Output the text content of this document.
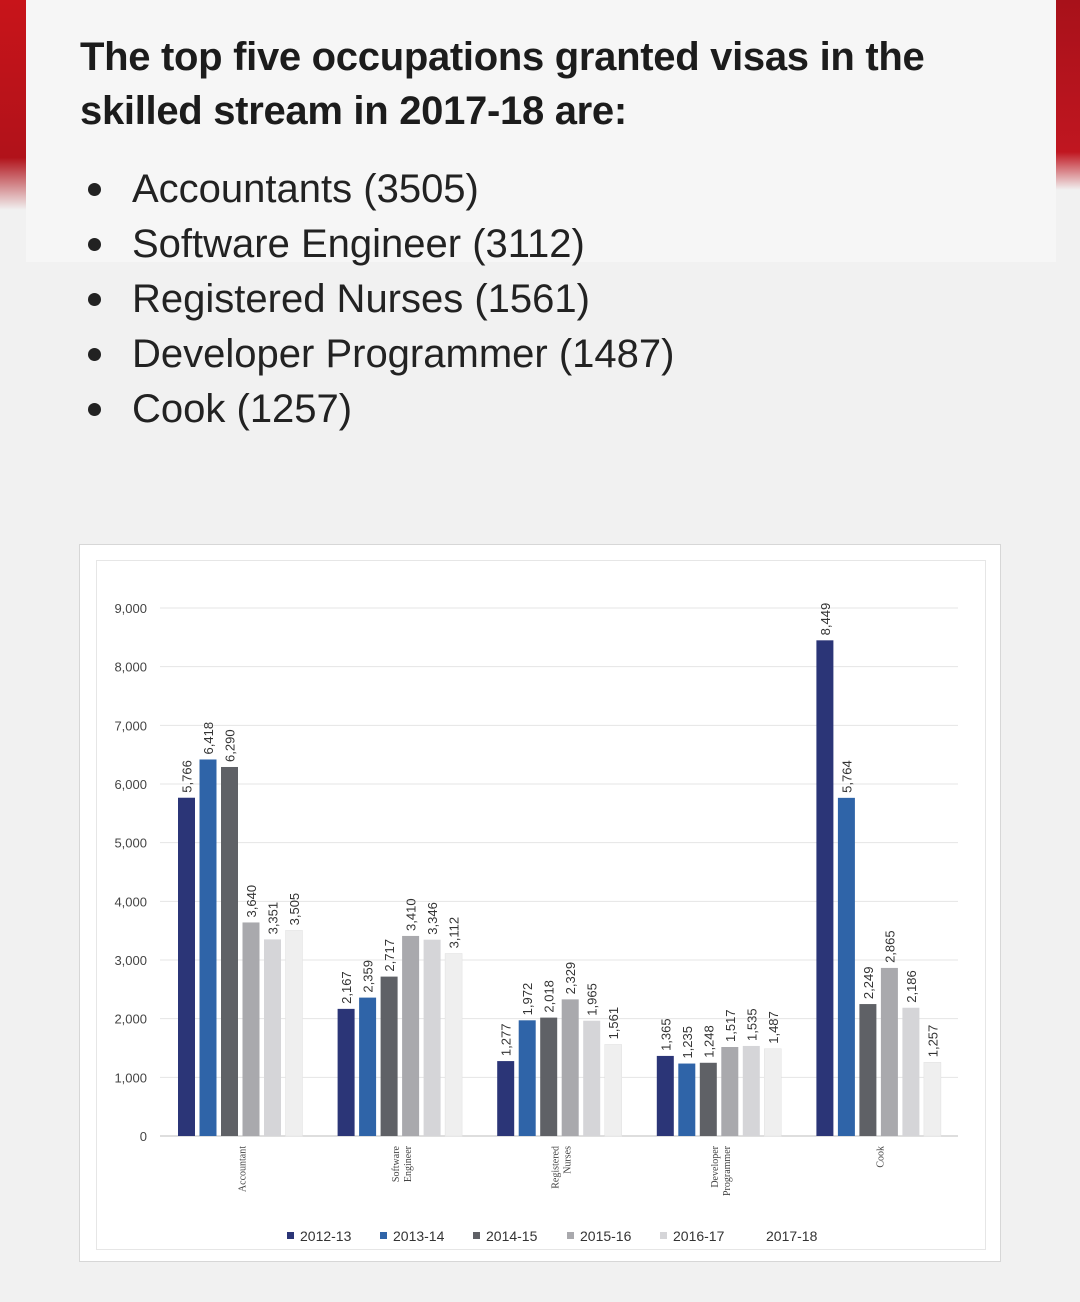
The top five occupations granted visas in the skilled stream in 2017-18 are:
Accountants (3505)
Software Engineer (3112)
Registered Nurses (1561)
Developer Programmer (1487)
Cook (1257)
0
1,000
2,000
3,000
4,000
5,000
6,000
7,000
8,000
9,000
5,766
6,418 6,290
3,640
3,351 3,505
Accountant
2,167 2,359
2,717
3,410 3,346 3,112
Software Engineer
1,277
1,972 2,018
2,329
1,965
1,561
Registered Nurses
1,365 1,235 1,248 1,517 1,535 1,487
Developer Programmer
8,449
5,764
2,249
2,865
2,186
1,257
Cook
2012-13	2013-14	2014-15	2015-16	2016-17	2017-18
